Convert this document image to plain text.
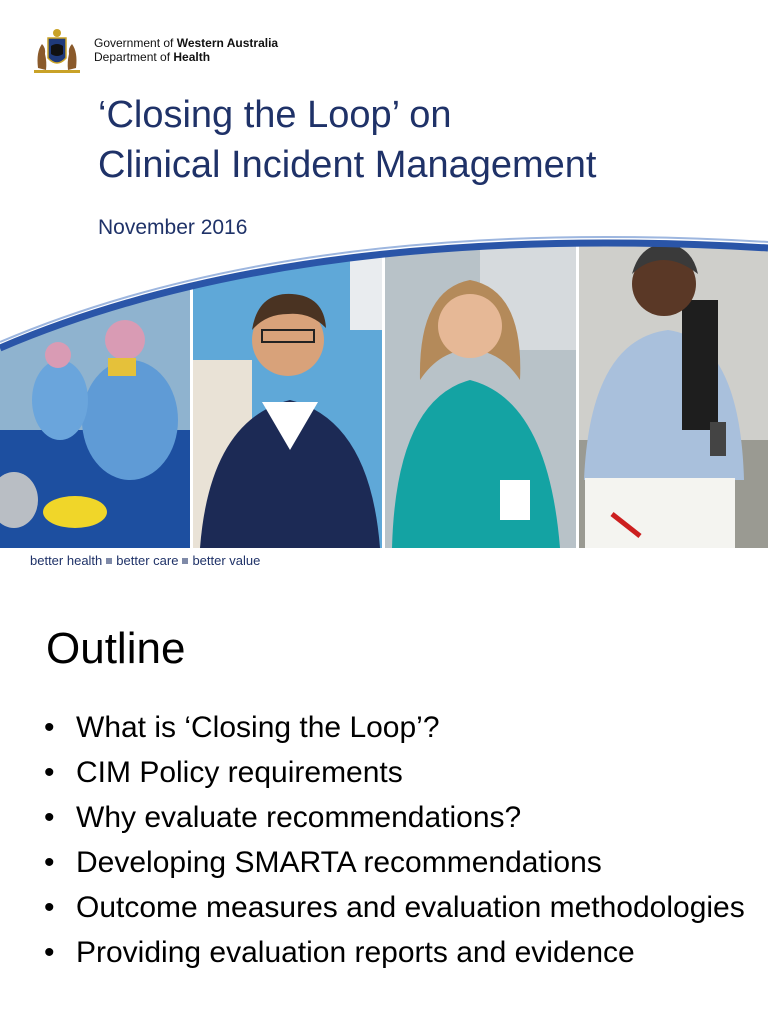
Government of Western Australia
Department of Health
‘Closing the Loop’ on
Clinical Incident Management
November 2016
better health better care better value
Outline
• What is ‘Closing the Loop’?
• CIM Policy requirements
• Why evaluate recommendations?
• Developing SMARTA recommendations
• Outcome measures and evaluation methodologies
• Providing evaluation reports and evidence
